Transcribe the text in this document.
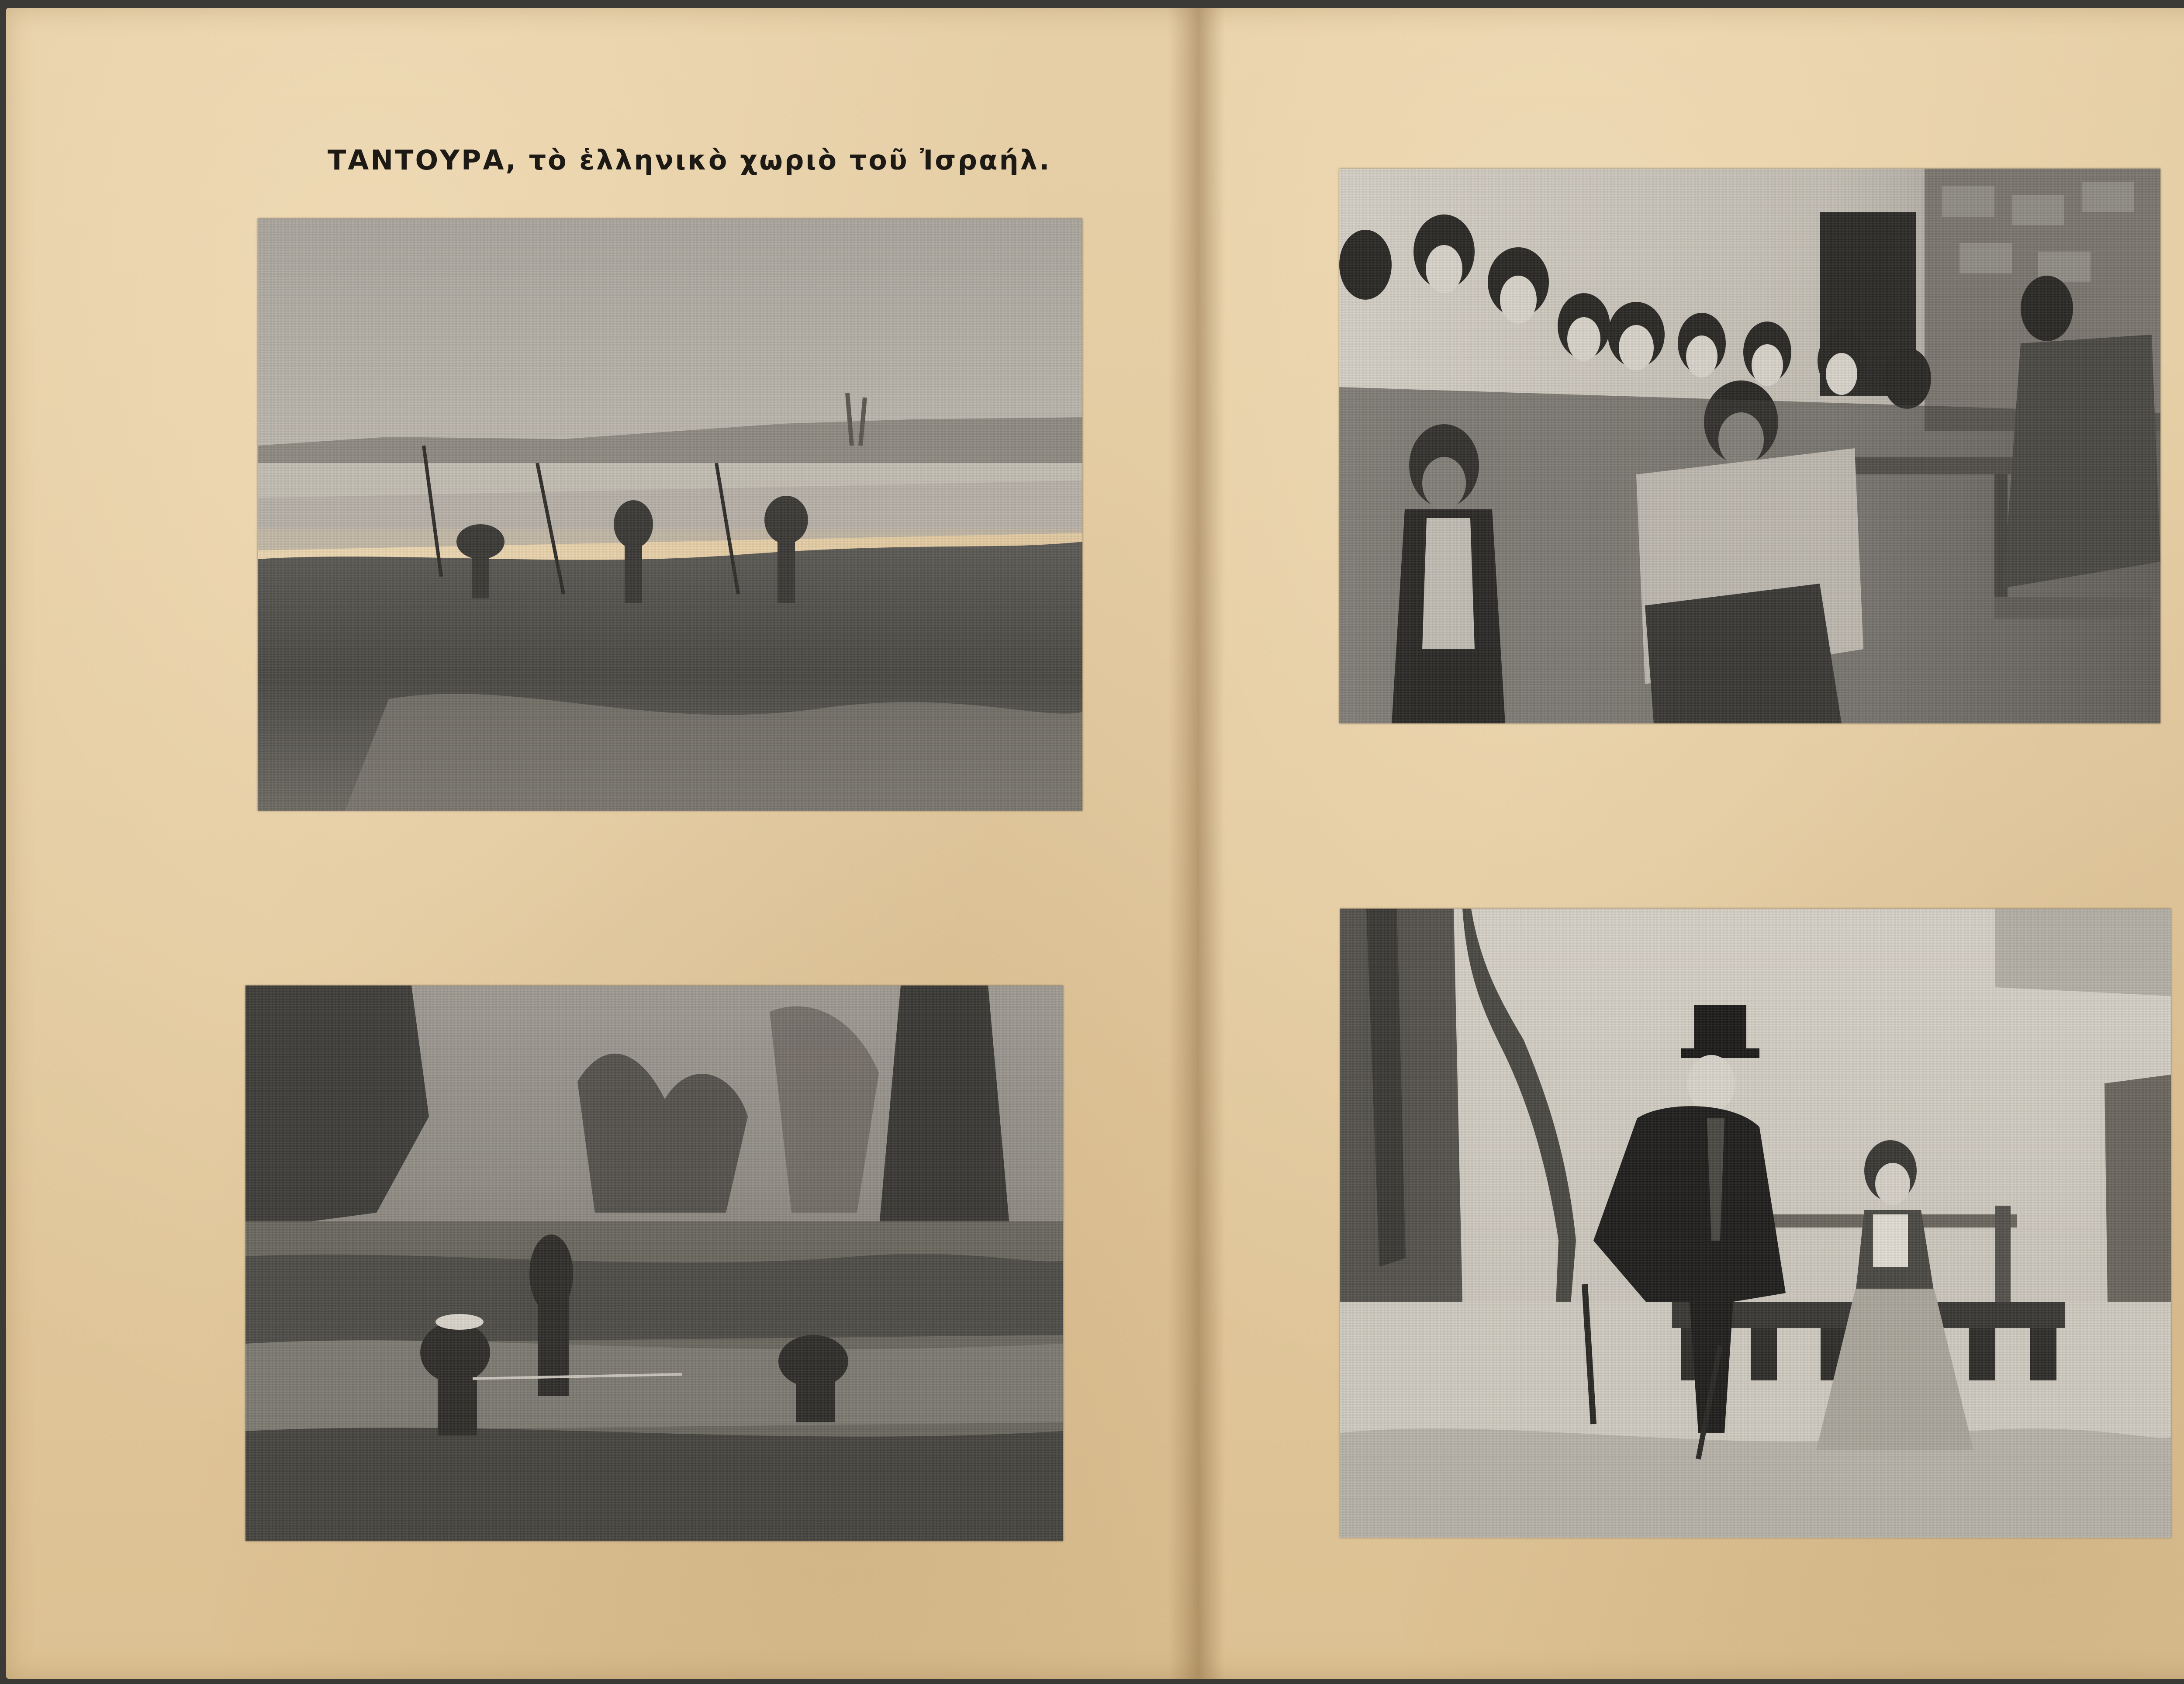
ΤΑΝΤΟΥΡΑ, τὸ ἑλληνικὸ χωριὸ τοῦ Ἰσραήλ.
